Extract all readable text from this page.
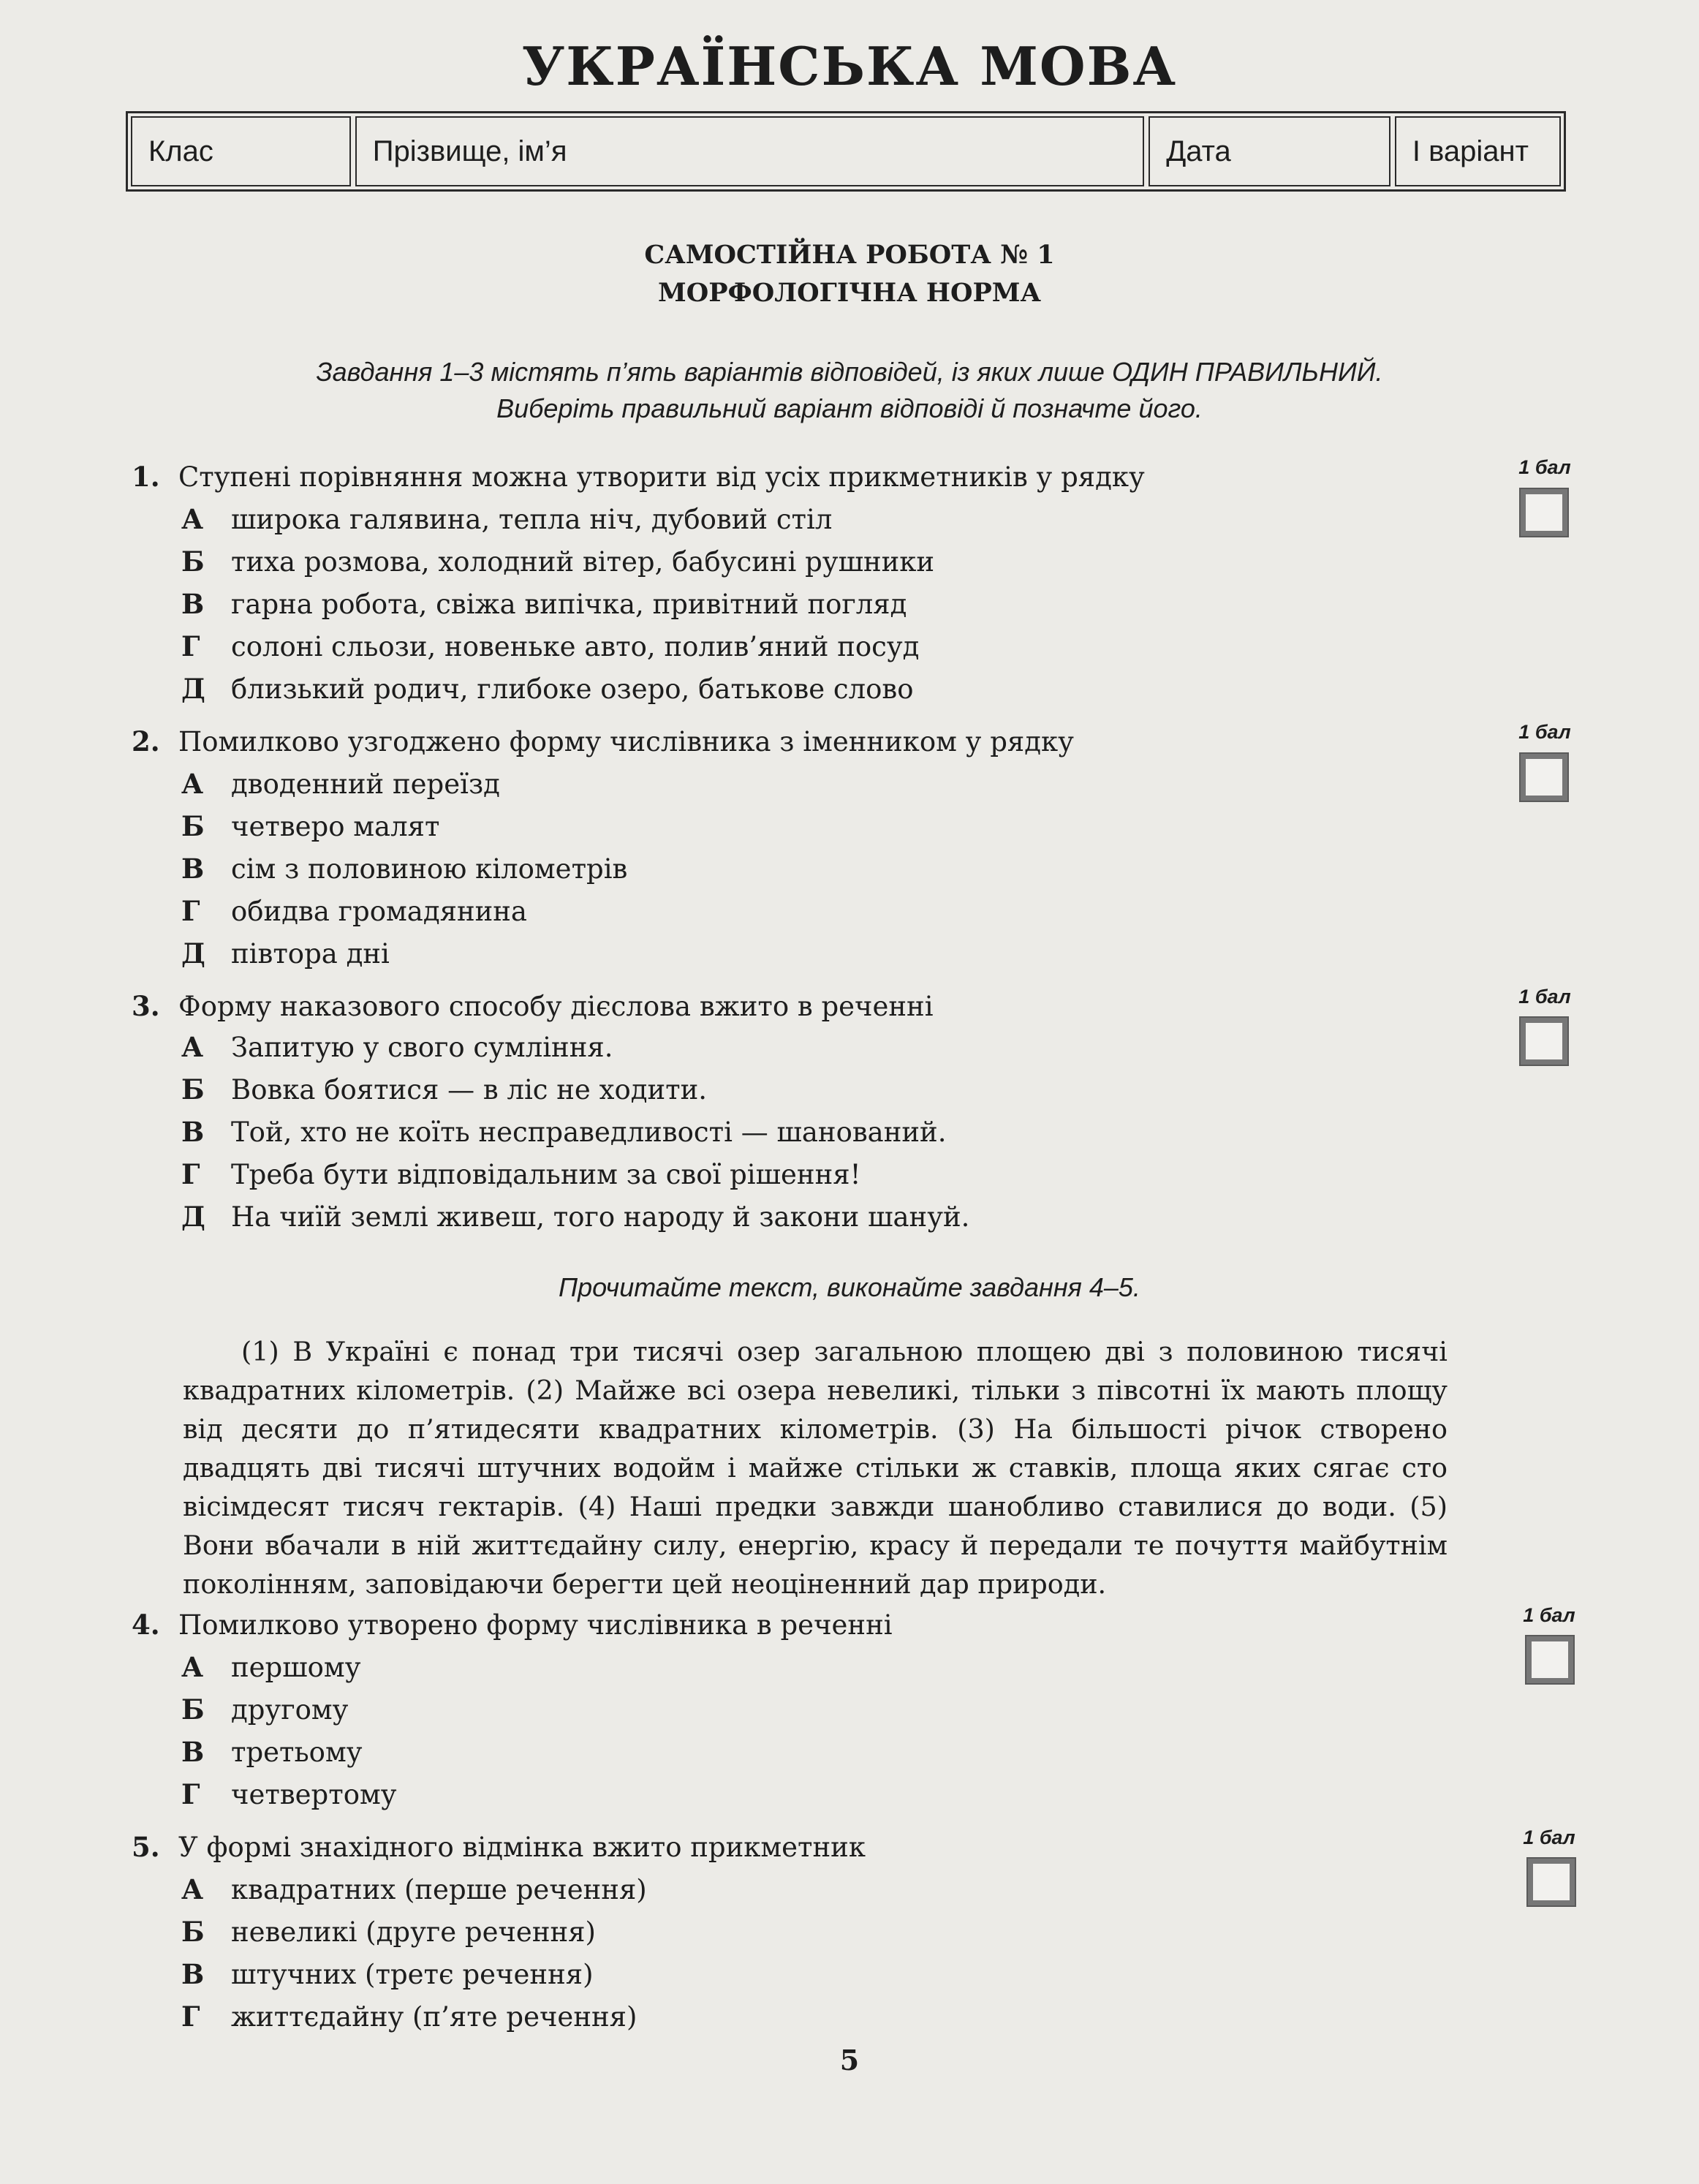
УКРАЇНСЬКА МОВА
Клас	Прізвище, ім’я	Дата	І варіант
САМОСТІЙНА РОБОТА № 1
МОРФОЛОГІЧНА НОРМА
Завдання 1–3 містять п’ять варіантів відповідей, із яких лише ОДИН ПРАВИЛЬНИЙ.
Виберіть правильний варіант відповіді й позначте його.
1. Ступені порівняння можна утворити від усіх прикметників у рядку	1 бал
А широка галявина, тепла ніч, дубовий стіл
Б тиха розмова, холодний вітер, бабусині рушники
В гарна робота, свіжа випічка, привітний погляд
Г солоні сльози, новеньке авто, полив’яний посуд
Д близький родич, глибоке озеро, батькове слово
2. Помилково узгоджено форму числівника з іменником у рядку	1 бал
А дводенний переїзд
Б четверо малят
В сім з половиною кілометрів
Г обидва громадянина
Д півтора дні
3. Форму наказового способу дієслова вжито в реченні	1 бал
А Запитую у свого сумління.
Б Вовка боятися — в ліс не ходити.
В Той, хто не коїть несправедливості — шанований.
Г Треба бути відповідальним за свої рішення!
Д На чиїй землі живеш, того народу й закони шануй.
Прочитайте текст, виконайте завдання 4–5.
(1) В Україні є понад три тисячі озер загальною площею дві з половиною тисячі квадратних кілометрів. (2) Майже всі озера невеликі, тільки з півсотні їх мають площу від десяти до п’ятидесяти квадратних кілометрів. (3) На більшості річок створено двадцять дві тисячі штучних водойм і майже стільки ж ставків, площа яких сягає сто вісімдесят тисяч гектарів. (4) Наші предки завжди шанобливо ставилися до води. (5) Вони вбачали в ній життєдайну силу, енергію, красу й передали те почуття майбутнім поколінням, заповідаючи берегти цей неоціненний дар природи.
4. Помилково утворено форму числівника в реченні	1 бал
А першому
Б другому
В третьому
Г четвертому
5. У формі знахідного відмінка вжито прикметник	1 бал
А квадратних (перше речення)
Б невеликі (друге речення)
В штучних (третє речення)
Г життєдайну (п’яте речення)
5
